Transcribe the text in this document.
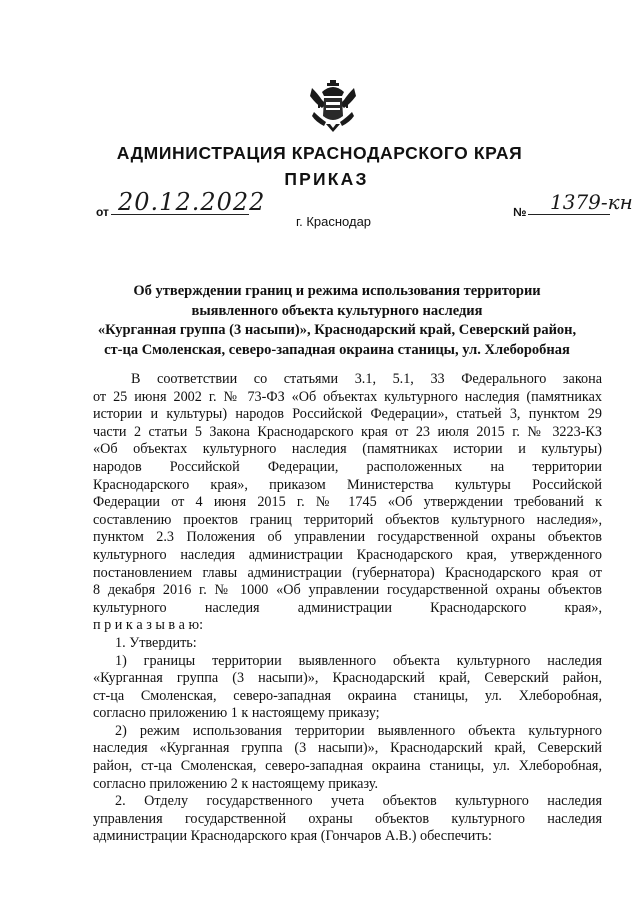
АДМИНИСТРАЦИЯ КРАСНОДАРСКОГО КРАЯ
ПРИКАЗ
от 20.12.2022
г. Краснодар
№ 1379-кн
Об утверждении границ и режима использования территории
выявленного объекта культурного наследия
«Курганная группа (3 насыпи)», Краснодарский край, Северский район,
ст-ца Смоленская, северо-западная окраина станицы, ул. Хлеборобная
В соответствии со статьями 3.1, 5.1, 33 Федерального закона
от 25 июня 2002 г. № 73-ФЗ «Об объектах культурного наследия (памятниках
истории и культуры) народов Российской Федерации», статьей 3, пунктом 29
части 2 статьи 5 Закона Краснодарского края от 23 июля 2015 г. № 3223-КЗ
«Об объектах культурного наследия (памятниках истории и культуры)
народов Российской Федерации, расположенных на территории
Краснодарского края», приказом Министерства культуры Российской
Федерации от 4 июня 2015 г. № 1745 «Об утверждении требований к
составлению проектов границ территорий объектов культурного наследия»,
пунктом 2.3 Положения об управлении государственной охраны объектов
культурного наследия администрации Краснодарского края, утвержденного
постановлением главы администрации (губернатора) Краснодарского края от
8 декабря 2016 г. № 1000 «Об управлении государственной охраны объектов
культурного наследия администрации Краснодарского края»,
п р и к а з ы в а ю:
1. Утвердить:
1) границы территории выявленного объекта культурного наследия
«Курганная группа (3 насыпи)», Краснодарский край, Северский район,
ст-ца Смоленская, северо-западная окраина станицы, ул. Хлеборобная,
согласно приложению 1 к настоящему приказу;
2) режим использования территории выявленного объекта культурного
наследия «Курганная группа (3 насыпи)», Краснодарский край, Северский
район, ст-ца Смоленская, северо-западная окраина станицы, ул. Хлеборобная,
согласно приложению 2 к настоящему приказу.
2. Отделу государственного учета объектов культурного наследия
управления государственной охраны объектов культурного наследия
администрации Краснодарского края (Гончаров А.В.) обеспечить:
